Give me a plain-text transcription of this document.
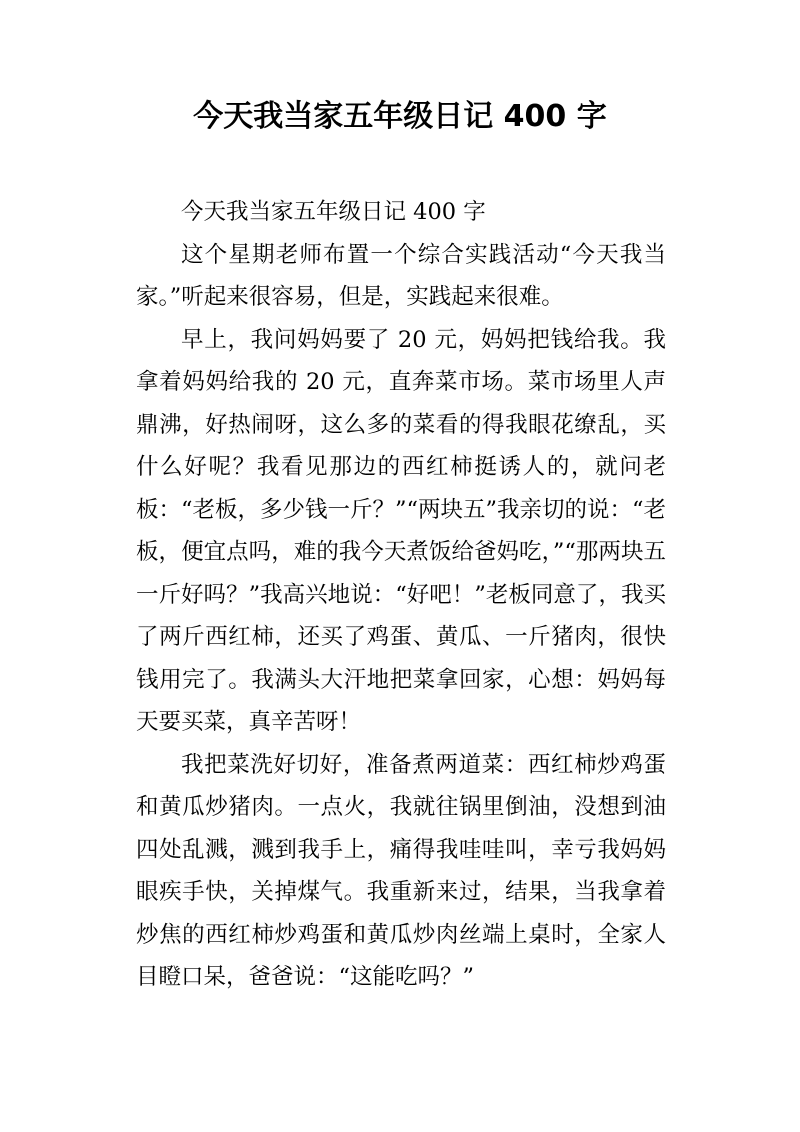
今天我当家五年级日记 400 字

今天我当家五年级日记 400 字

这个星期老师布置一个综合实践活动“今天我当家。”听起来很容易，但是，实践起来很难。

早上，我问妈妈要了 20 元，妈妈把钱给我。我拿着妈妈给我的 20 元，直奔菜市场。菜市场里人声鼎沸，好热闹呀，这么多的菜看的得我眼花缭乱，买什么好呢？我看见那边的西红柿挺诱人的，就问老板：“老板，多少钱一斤？”“两块五”我亲切的说：“老板，便宜点吗，难的我今天煮饭给爸妈吃，”“那两块五一斤好吗？”我高兴地说：“好吧！”老板同意了，我买了两斤西红柿，还买了鸡蛋、黄瓜、一斤猪肉，很快钱用完了。我满头大汗地把菜拿回家，心想：妈妈每天要买菜，真辛苦呀！

我把菜洗好切好，准备煮两道菜：西红柿炒鸡蛋和黄瓜炒猪肉。一点火，我就往锅里倒油，没想到油四处乱溅，溅到我手上，痛得我哇哇叫，幸亏我妈妈眼疾手快，关掉煤气。我重新来过，结果，当我拿着炒焦的西红柿炒鸡蛋和黄瓜炒肉丝端上桌时，全家人目瞪口呆，爸爸说：“这能吃吗？”
